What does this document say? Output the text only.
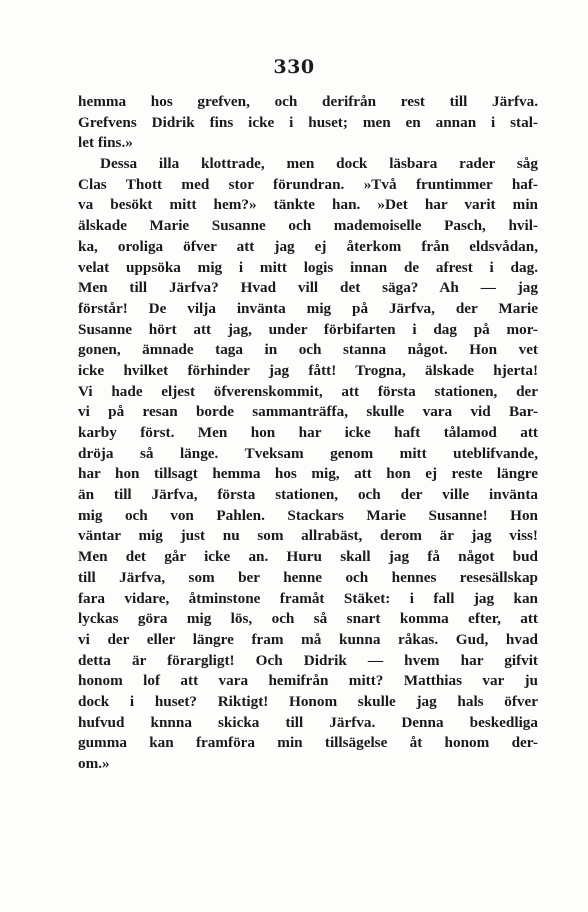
330
hemma hos grefven, och derifrån rest till Järfva.
Grefvens Didrik fins icke i huset; men en annan i stal-
let fins.»
Dessa illa klottrade, men dock läsbara rader såg
Clas Thott med stor förundran. »Två fruntimmer haf-
va besökt mitt hem?» tänkte han. »Det har varit min
älskade Marie Susanne och mademoiselle Pasch, hvil-
ka, oroliga öfver att jag ej återkom från eldsvådan,
velat uppsöka mig i mitt logis innan de afrest i dag.
Men till Järfva? Hvad vill det säga? Ah — jag
förstår! De vilja invänta mig på Järfva, der Marie
Susanne hört att jag, under förbifarten i dag på mor-
gonen, ämnade taga in och stanna något. Hon vet
icke hvilket förhinder jag fått! Trogna, älskade hjerta!
Vi hade eljest öfverenskommit, att första stationen, der
vi på resan borde sammanträffa, skulle vara vid Bar-
karby först. Men hon har icke haft tålamod att
dröja så länge. Tveksam genom mitt uteblifvande,
har hon tillsagt hemma hos mig, att hon ej reste längre
än till Järfva, första stationen, och der ville invänta
mig och von Pahlen. Stackars Marie Susanne! Hon
väntar mig just nu som allrabäst, derom är jag viss!
Men det går icke an. Huru skall jag få något bud
till Järfva, som ber henne och hennes resesällskap
fara vidare, åtminstone framåt Stäket: i fall jag kan
lyckas göra mig lös, och så snart komma efter, att
vi der eller längre fram må kunna råkas. Gud, hvad
detta är förargligt! Och Didrik — hvem har gifvit
honom lof att vara hemifrån mitt? Matthias var ju
dock i huset? Riktigt! Honom skulle jag hals öfver
hufvud knnna skicka till Järfva. Denna beskedliga
gumma kan framföra min tillsägelse åt honom der-
om.»
